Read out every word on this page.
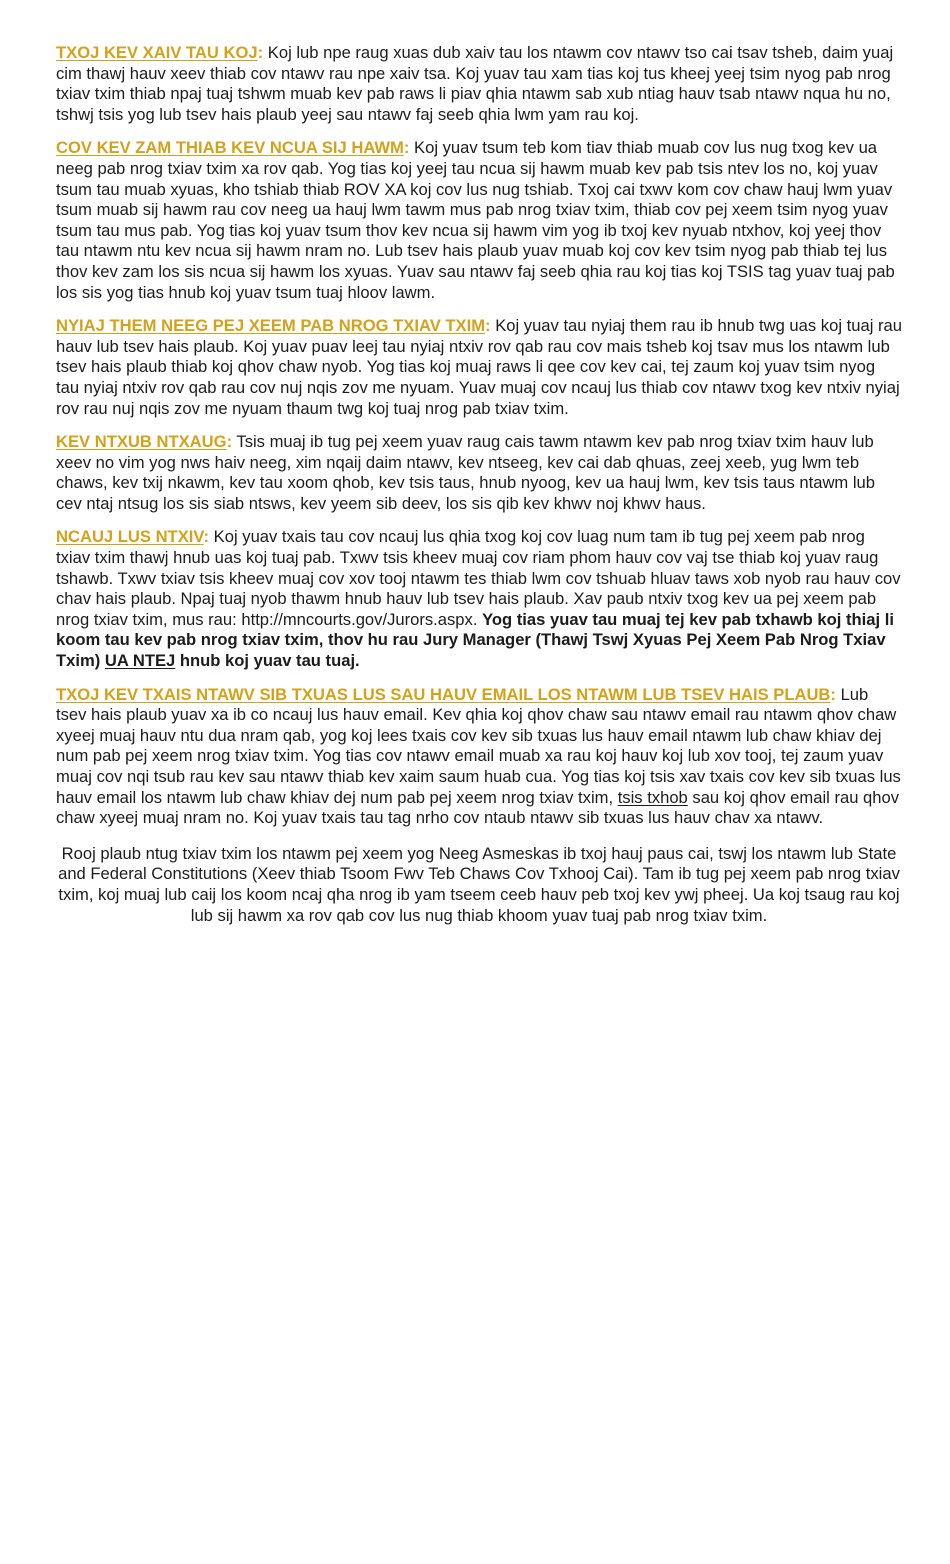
TXOJ KEV XAIV TAU KOJ: Koj lub npe raug xuas dub xaiv tau los ntawm cov ntawv tso cai tsav tsheb, daim yuaj cim thawj hauv xeev thiab cov ntawv rau npe xaiv tsa. Koj yuav tau xam tias koj tus kheej yeej tsim nyog pab nrog txiav txim thiab npaj tuaj tshwm muab kev pab raws li piav qhia ntawm sab xub ntiag hauv tsab ntawv nqua hu no, tshwj tsis yog lub tsev hais plaub yeej sau ntawv faj seeb qhia lwm yam rau koj.

COV KEV ZAM THIAB KEV NCUA SIJ HAWM: Koj yuav tsum teb kom tiav thiab muab cov lus nug txog kev ua neeg pab nrog txiav txim xa rov qab. Yog tias koj yeej tau ncua sij hawm muab kev pab tsis ntev los no, koj yuav tsum tau muab xyuas, kho tshiab thiab ROV XA koj cov lus nug tshiab. Txoj cai txwv kom cov chaw hauj lwm yuav tsum muab sij hawm rau cov neeg ua hauj lwm tawm mus pab nrog txiav txim, thiab cov pej xeem tsim nyog yuav tsum tau mus pab. Yog tias koj yuav tsum thov kev ncua sij hawm vim yog ib txoj kev nyuab ntxhov, koj yeej thov tau ntawm ntu kev ncua sij hawm nram no. Lub tsev hais plaub yuav muab koj cov kev tsim nyog pab thiab tej lus thov kev zam los sis ncua sij hawm los xyuas. Yuav sau ntawv faj seeb qhia rau koj tias koj TSIS tag yuav tuaj pab los sis yog tias hnub koj yuav tsum tuaj hloov lawm.

NYIAJ THEM NEEG PEJ XEEM PAB NROG TXIAV TXIM: Koj yuav tau nyiaj them rau ib hnub twg uas koj tuaj rau hauv lub tsev hais plaub. Koj yuav puav leej tau nyiaj ntxiv rov qab rau cov mais tsheb koj tsav mus los ntawm lub tsev hais plaub thiab koj qhov chaw nyob. Yog tias koj muaj raws li qee cov kev cai, tej zaum koj yuav tsim nyog tau nyiaj ntxiv rov qab rau cov nuj nqis zov me nyuam. Yuav muaj cov ncauj lus thiab cov ntawv txog kev ntxiv nyiaj rov rau nuj nqis zov me nyuam thaum twg koj tuaj nrog pab txiav txim.

KEV NTXUB NTXAUG: Tsis muaj ib tug pej xeem yuav raug cais tawm ntawm kev pab nrog txiav txim hauv lub xeev no vim yog nws haiv neeg, xim nqaij daim ntawv, kev ntseeg, kev cai dab qhuas, zeej xeeb, yug lwm teb chaws, kev txij nkawm, kev tau xoom qhob, kev tsis taus, hnub nyoog, kev ua hauj lwm, kev tsis taus ntawm lub cev ntaj ntsug los sis siab ntsws, kev yeem sib deev, los sis qib kev khwv noj khwv haus.

NCAUJ LUS NTXIV: Koj yuav txais tau cov ncauj lus qhia txog koj cov luag num tam ib tug pej xeem pab nrog txiav txim thawj hnub uas koj tuaj pab. Txwv tsis kheev muaj cov riam phom hauv cov vaj tse thiab koj yuav raug tshawb. Txwv txiav tsis kheev muaj cov xov tooj ntawm tes thiab lwm cov tshuab hluav taws xob nyob rau hauv cov chav hais plaub. Npaj tuaj nyob thawm hnub hauv lub tsev hais plaub. Xav paub ntxiv txog kev ua pej xeem pab nrog txiav txim, mus rau: http://mncourts.gov/Jurors.aspx. Yog tias yuav tau muaj tej kev pab txhawb koj thiaj li koom tau kev pab nrog txiav txim, thov hu rau Jury Manager (Thawj Tswj Xyuas Pej Xeem Pab Nrog Txiav Txim) UA NTEJ hnub koj yuav tau tuaj.

TXOJ KEV TXAIS NTAWV SIB TXUAS LUS SAU HAUV EMAIL LOS NTAWM LUB TSEV HAIS PLAUB: Lub tsev hais plaub yuav xa ib co ncauj lus hauv email. Kev qhia koj qhov chaw sau ntawv email rau ntawm qhov chaw xyeej muaj hauv ntu dua nram qab, yog koj lees txais cov kev sib txuas lus hauv email ntawm lub chaw khiav dej num pab pej xeem nrog txiav txim. Yog tias cov ntawv email muab xa rau koj hauv koj lub xov tooj, tej zaum yuav muaj cov nqi tsub rau kev sau ntawv thiab kev xaim saum huab cua. Yog tias koj tsis xav txais cov kev sib txuas lus hauv email los ntawm lub chaw khiav dej num pab pej xeem nrog txiav txim, tsis txhob sau koj qhov email rau qhov chaw xyeej muaj nram no. Koj yuav txais tau tag nrho cov ntaub ntawv sib txuas lus hauv chav xa ntawv.

Rooj plaub ntug txiav txim los ntawm pej xeem yog Neeg Asmeskas ib txoj hauj paus cai, tswj los ntawm lub State and Federal Constitutions (Xeev thiab Tsoom Fwv Teb Chaws Cov Txhooj Cai). Tam ib tug pej xeem pab nrog txiav txim, koj muaj lub caij los koom ncaj qha nrog ib yam tseem ceeb hauv peb txoj kev ywj pheej. Ua koj tsaug rau koj lub sij hawm xa rov qab cov lus nug thiab khoom yuav tuaj pab nrog txiav txim.
